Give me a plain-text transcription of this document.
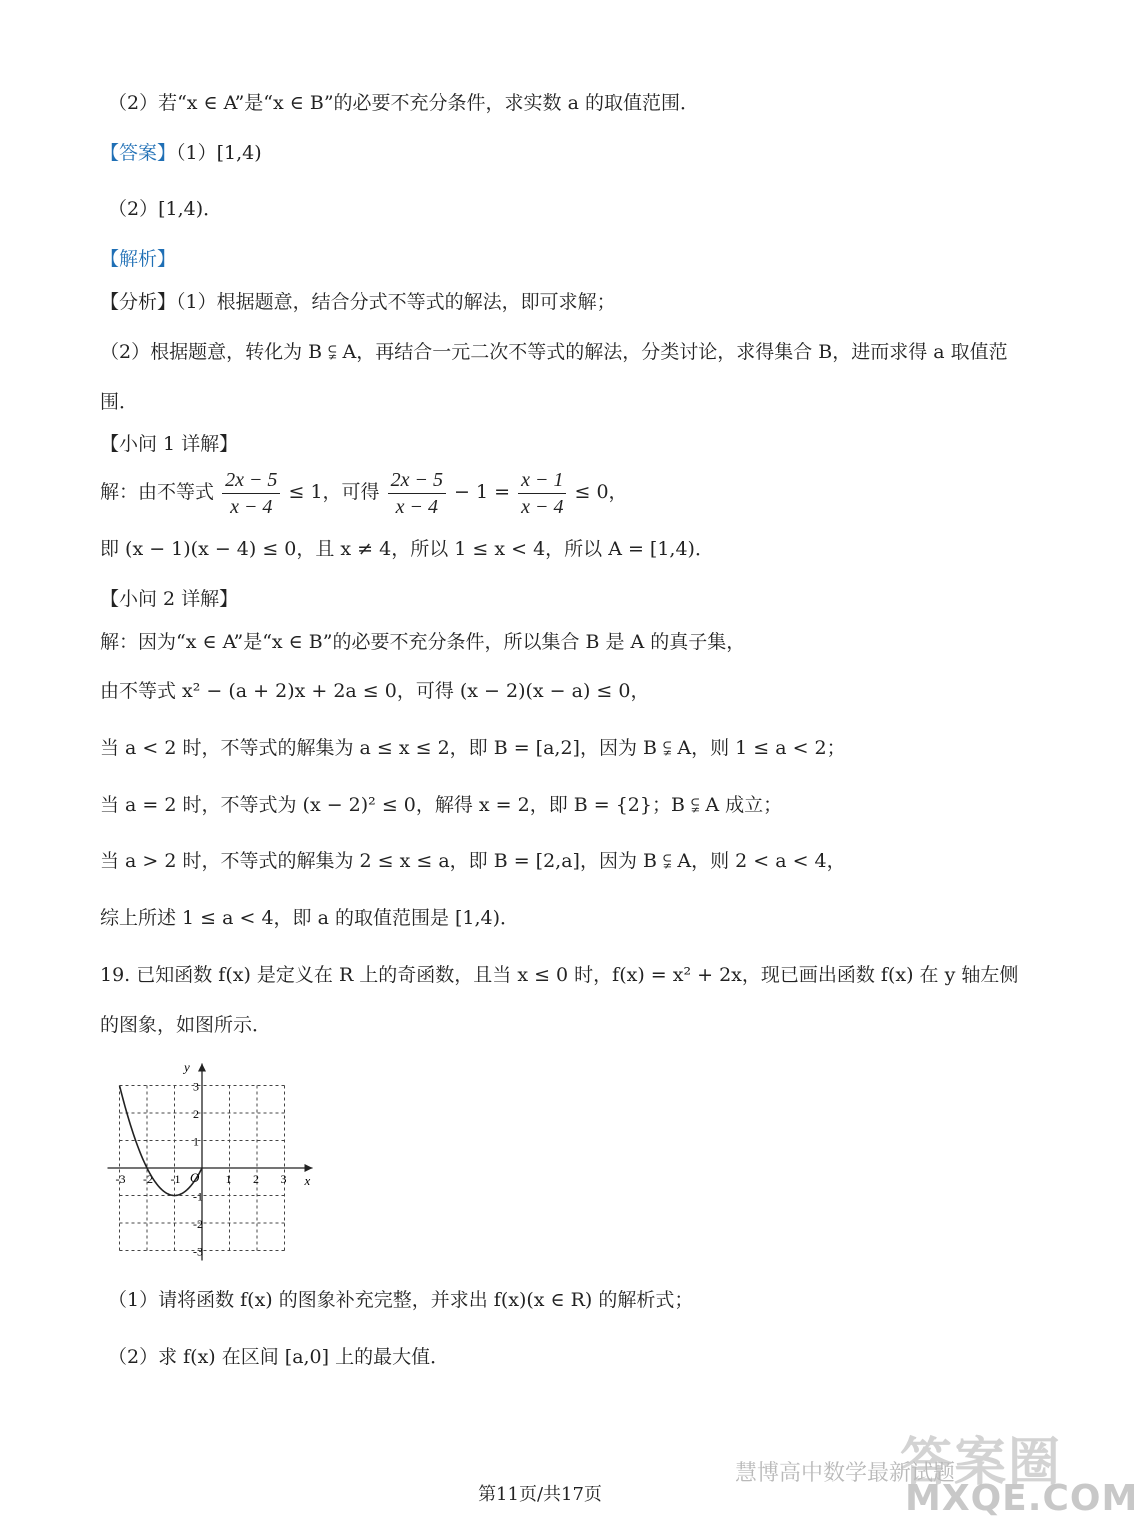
（2）若“x ∈ A”是“x ∈ B”的必要不充分条件，求实数 a 的取值范围．
【答案】（1）[1,4)
（2）[1,4)．
【解析】
【分析】（1）根据题意，结合分式不等式的解法，即可求解；
（2）根据题意，转化为 B ⫋ A，再结合一元二次不等式的解法，分类讨论，求得集合 B，进而求得 a 取值范
围．
【小问 1 详解】
解：由不等式 $\frac{2x - 5}{x - 4} \le 1$，可得 $\frac{2x - 5}{x - 4} - 1 = \frac{x - 1}{x - 4} \le 0$，
即 (x − 1)(x − 4) ≤ 0，且 x ≠ 4，所以 1 ≤ x < 4，所以 A = [1,4)．
【小问 2 详解】
解：因为“x ∈ A”是“x ∈ B”的必要不充分条件，所以集合 B 是 A 的真子集，
由不等式 x² − (a + 2)x + 2a ≤ 0，可得 (x − 2)(x − a) ≤ 0，
当 a < 2 时，不等式的解集为 a ≤ x ≤ 2，即 B = [a,2]，因为 B ⫋ A，则 1 ≤ a < 2；
当 a = 2 时，不等式为 (x − 2)² ≤ 0，解得 x = 2，即 B = {2}；B ⫋ A 成立；
当 a > 2 时，不等式的解集为 2 ≤ x ≤ a，即 B = [2,a]，因为 B ⫋ A，则 2 < a < 4，
综上所述 1 ≤ a < 4，即 a 的取值范围是 [1,4)．
19. 已知函数 f(x) 是定义在 R 上的奇函数，且当 x ≤ 0 时，f(x) = x² + 2x，现已画出函数 f(x) 在 y 轴左侧
的图象，如图所示．
-3 -2 -1	1 2 3
3
2
1
-1
-2
-3
x
y
O
（1）请将函数 f(x) 的图象补充完整，并求出 f(x)(x ∈ R) 的解析式；
（2）求 f(x) 在区间 [a,0] 上的最大值．
答案圈
慧博高中数学最新试题
MXQE.COM
第11页/共17页
